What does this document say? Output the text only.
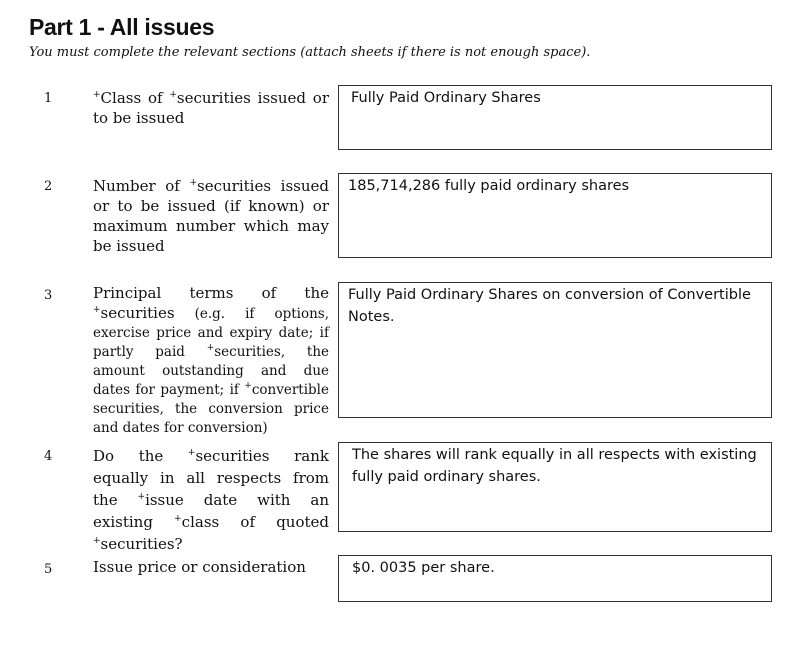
Part 1 - All issues
You must complete the relevant sections (attach sheets if there is not enough space).
1	+Class of +securities issued or to be issued
Fully Paid Ordinary Shares
2	Number of +securities issued or to be issued (if known) or maximum number which may be issued
185,714,286 fully paid ordinary shares
3	Principal terms of the +securities (e.g. if options, exercise price and expiry date; if partly paid +securities, the amount outstanding and due dates for payment; if +convertible securities, the conversion price and dates for conversion)
Fully Paid Ordinary Shares on conversion of Convertible
Notes.
4	Do the +securities rank equally in all respects from the +issue date with an existing +class of quoted +securities?
The shares will rank equally in all respects with existing
fully paid ordinary shares.
5	Issue price or consideration	$0. 0035 per share.
